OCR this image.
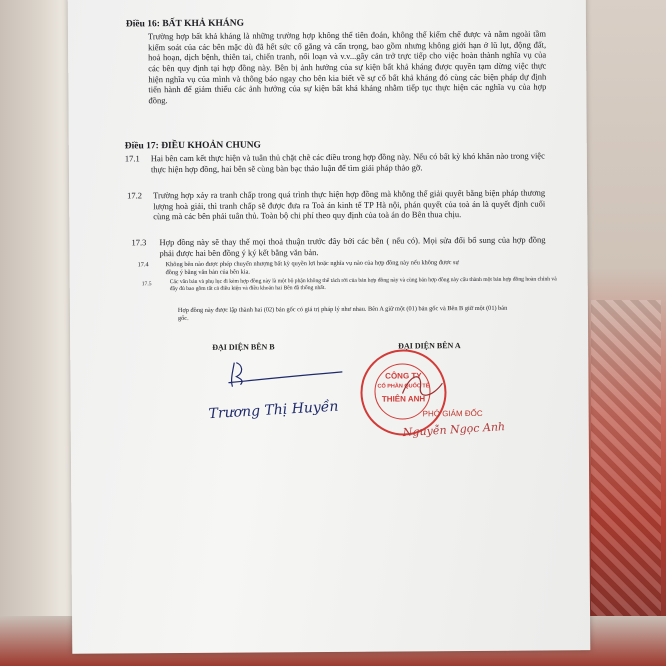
Điều 16: BẤT KHẢ KHÁNG
Trường hợp bất khả kháng là những trường hợp không thể tiên đoán, không thể kiểm chế được và nằm ngoài tầm kiểm soát của các bên mặc dù đã hết sức cố gắng và cẩn trọng, bao gồm nhưng không giới hạn ở lũ lụt, động đất, hoả hoạn, dịch bệnh, thiên tai, chiến tranh, nổi loạn và v.v...gây cản trở trực tiếp cho việc hoàn thành nghĩa vụ của các bên quy định tại hợp đồng này. Bên bị ảnh hưởng của sự kiện bất khả kháng được quyền tạm dừng việc thực hiện nghĩa vụ của mình và thông báo ngay cho bên kia biết về sự cố bất khả kháng đó cùng các biện pháp dự định tiến hành để giảm thiểu các ảnh hưởng của sự kiện bất khả kháng nhằm tiếp tục thực hiện các nghĩa vụ của hợp đồng.
Điều 17: ĐIỀU KHOẢN CHUNG
17.1 Hai bên cam kết thực hiện và tuân thủ chặt chẽ các điều trong hợp đồng này. Nếu có bất kỳ khó khăn nào trong việc thực hiện hợp đồng, hai bên sẽ cùng bàn bạc thảo luận để tìm giải pháp thảo gỡ.
17.2 Trường hợp xảy ra tranh chấp trong quá trình thực hiện hợp đồng mà không thể giải quyết bằng biện pháp thương lượng hoà giải, thì tranh chấp sẽ được đưa ra Toà án kinh tế TP Hà nội, phán quyết của toà án là quyết định cuối cùng mà các bên phải tuân thủ. Toàn bộ chi phí theo quy định của toà án do Bên thua chịu.
17.3 Hợp đồng này sẽ thay thế mọi thoả thuận trước đây bởi các bên ( nếu có). Mọi sửa đổi bổ sung của hợp đồng phải được hai bên đồng ý ký kết bằng văn bản.
17.4	Không bên nào được phép chuyển nhượng bất kỳ quyền lợi hoặc nghĩa vụ nào của hợp đồng này nếu không được sự đồng ý bằng văn bản của bên kia.
17.5	Các văn bản và phụ lục đi kèm hợp đồng này là một bộ phận không thể tách rời của bản hợp đồng này và cùng bản hợp đồng này cấu thành một bản hợp đồng hoàn chỉnh và đầy đủ bao gồm tất cả điều kiện và điều khoản hai Bên đã thống nhất.
Hợp đồng này được lập thành hai (02) bản gốc có giá trị pháp lý như nhau. Bên A giữ một (01) bản gốc và Bên B giữ một (01) bản gốc.
ĐẠI DIỆN BÊN B	ĐẠI DIỆN BÊN A
Trương Thị Huyền
CÔNG TY
CỔ PHẦN QUỐC TẾ
THIÊN ANH
PHÓ GIÁM ĐỐC
Nguyễn Ngọc Anh
